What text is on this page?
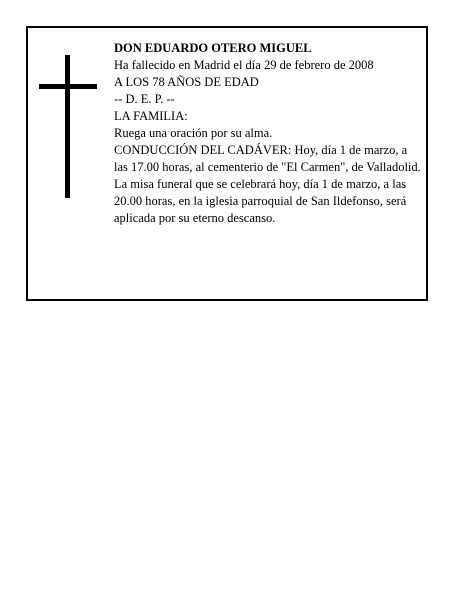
DON EDUARDO OTERO MIGUEL

Ha fallecido en Madrid el día 29 de febrero de 2008

A LOS 78 AÑOS DE EDAD

-- D. E. P. --

LA FAMILIA:

Ruega una oración por su alma.

CONDUCCIÓN DEL CADÁVER: Hoy, día 1 de marzo, a las 17.00 horas, al cementerio de "El Carmen", de Valladolid.

La misa funeral que se celebrará hoy, día 1 de marzo, a las 20.00 horas, en la iglesia parroquial de San Ildefonso, será aplicada por su eterno descanso.
